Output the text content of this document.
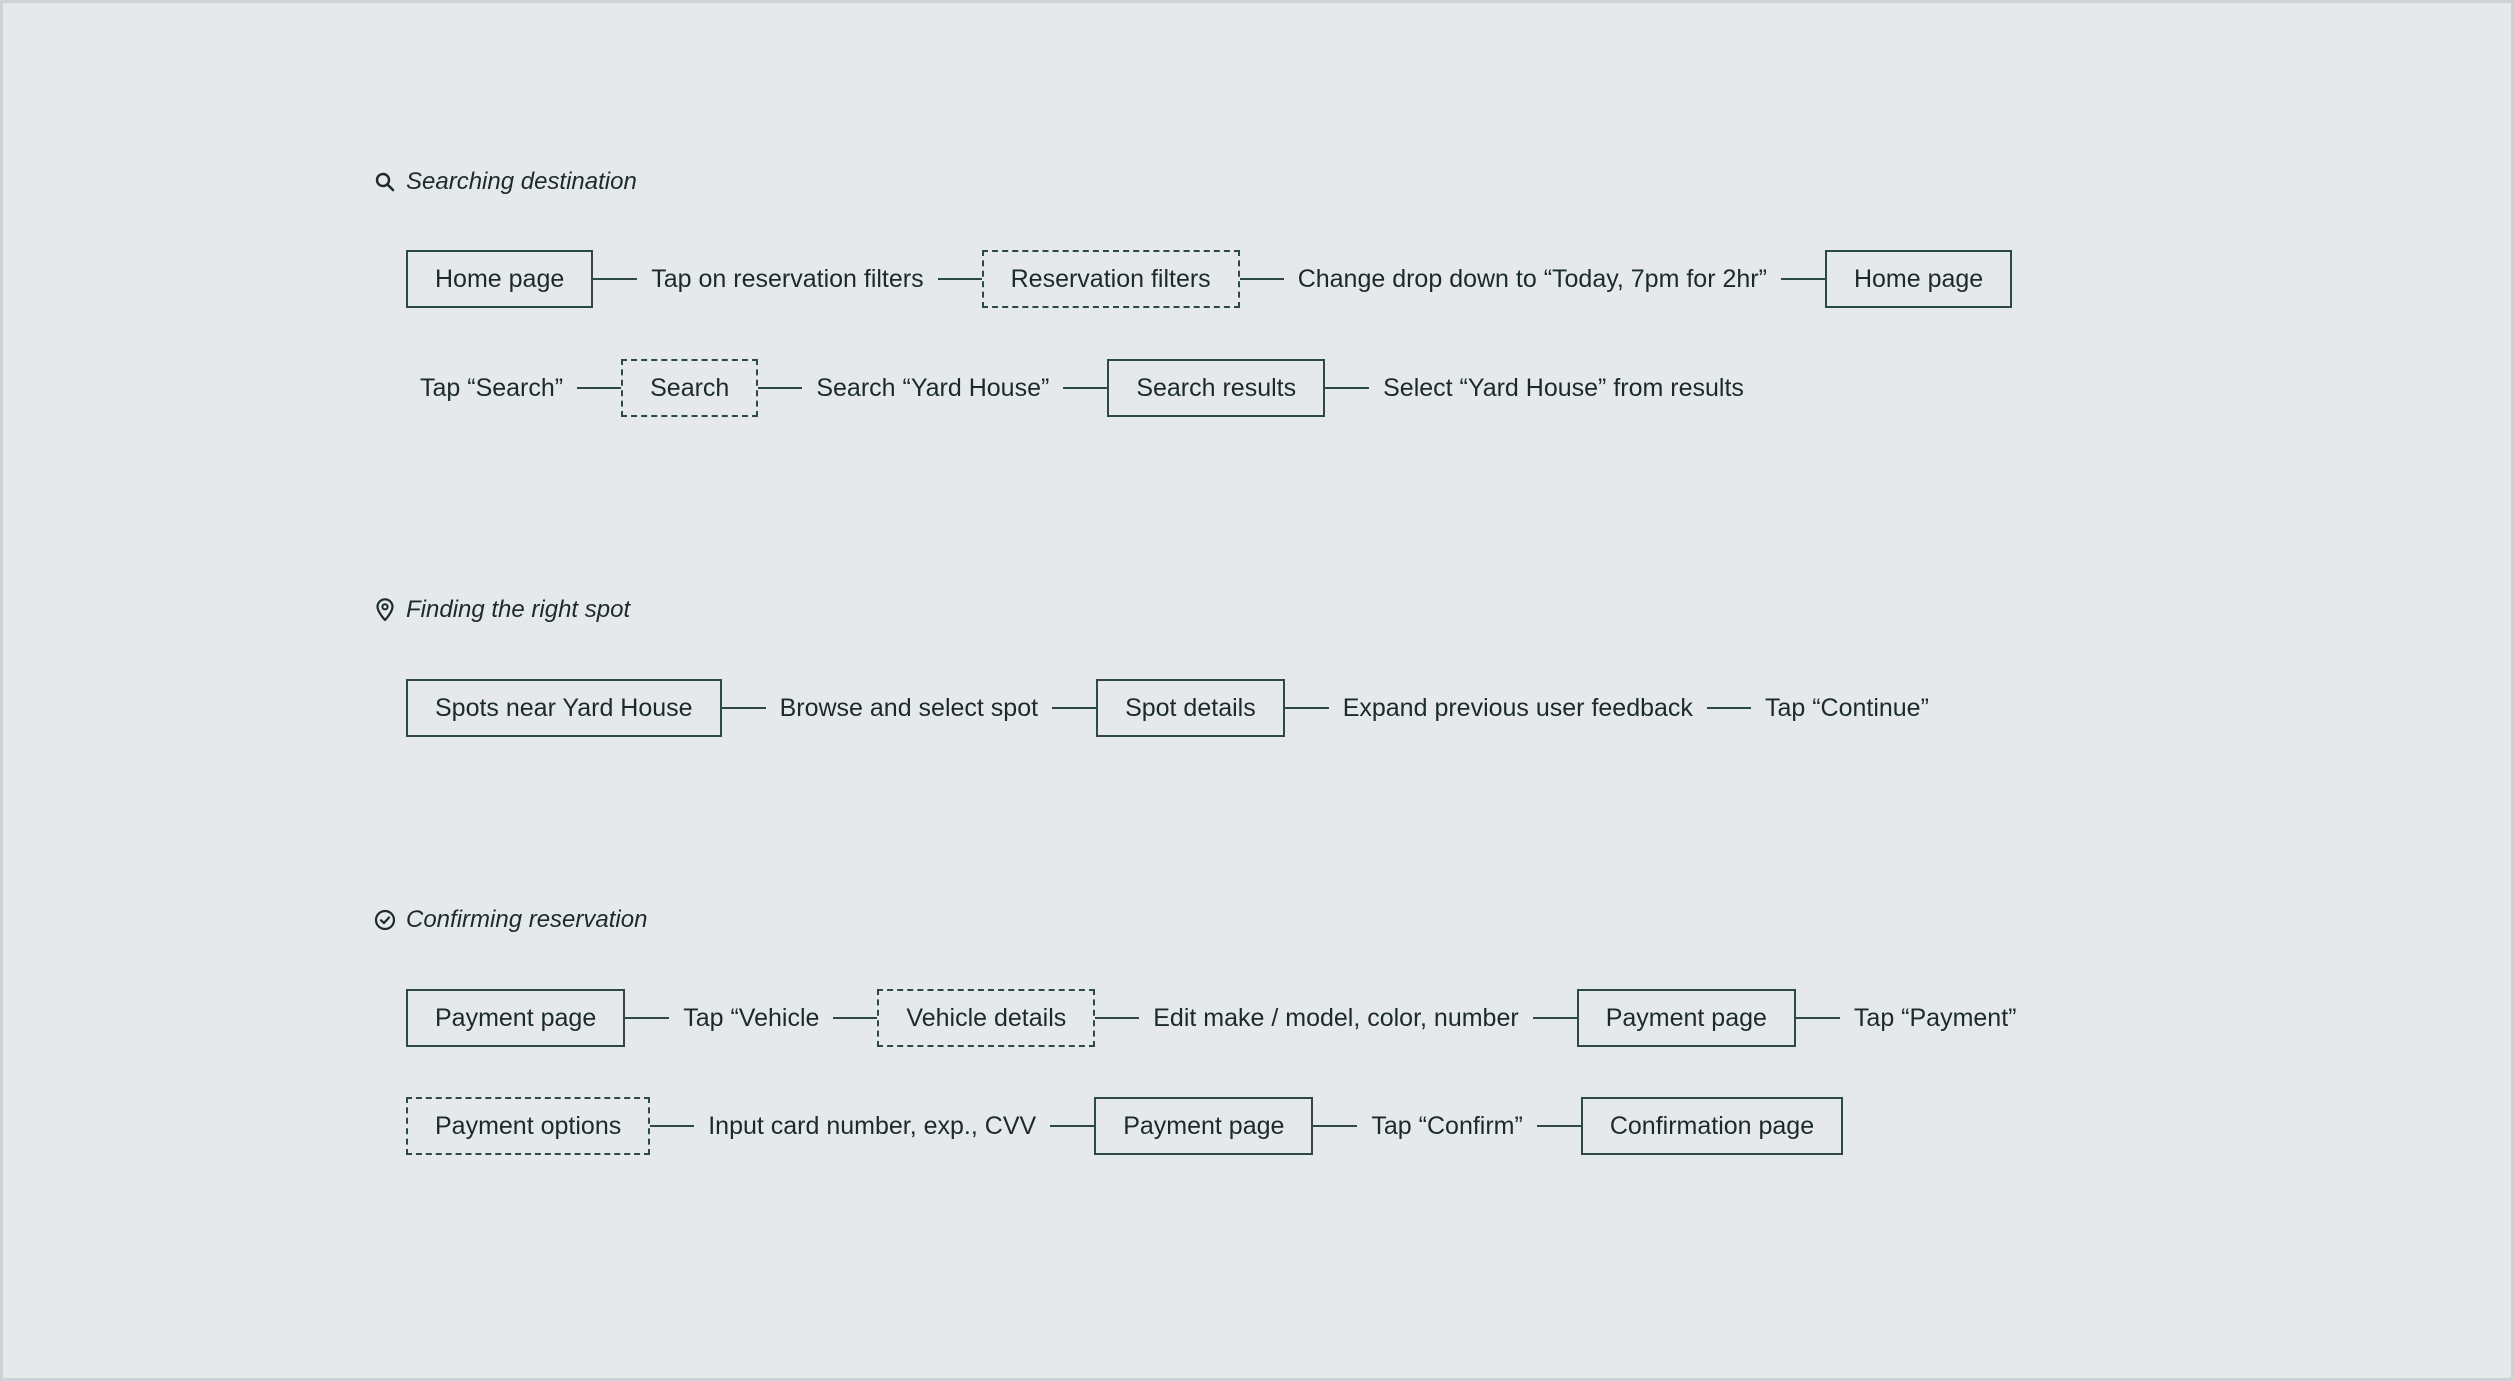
Searching destination
Home page	Tap on reservation filters	Reservation filters	Change drop down to “Today, 7pm for 2hr”	Home page
Tap “Search”	Search	Search “Yard House”	Search results	Select “Yard House” from results
Finding the right spot
Spots near Yard House	Browse and select spot	Spot details	Expand previous user feedback	Tap “Continue”
Confirming reservation
Payment page	Tap “Vehicle	Vehicle details	Edit make / model, color, number	Payment page	Tap “Payment”
Payment options	Input card number, exp., CVV	Payment page	Tap “Confirm”	Confirmation page
